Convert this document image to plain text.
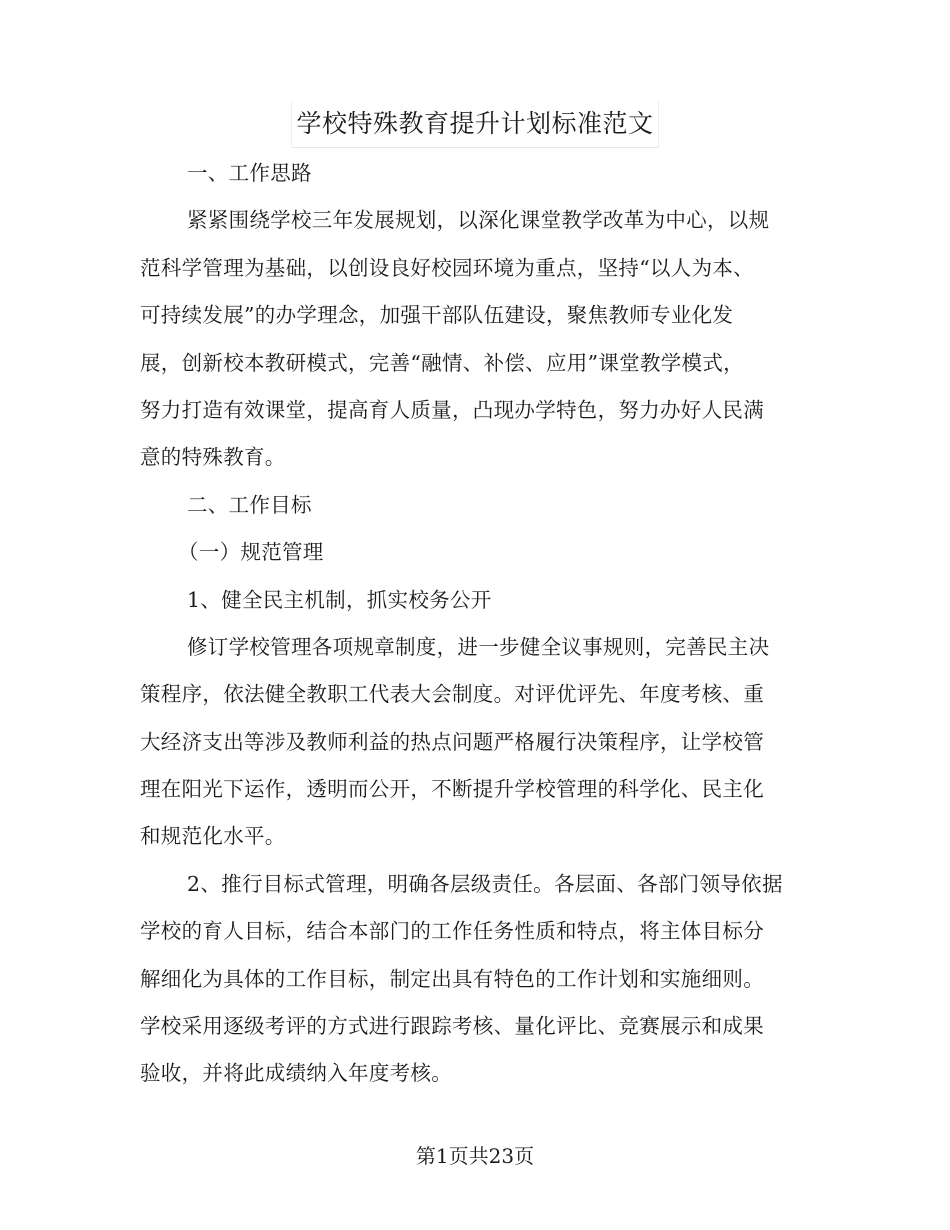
学校特殊教育提升计划标准范文
一、工作思路
紧紧围绕学校三年发展规划，以深化课堂教学改革为中心，以规
范科学管理为基础，以创设良好校园环境为重点，坚持“以人为本、
可持续发展”的办学理念，加强干部队伍建设，聚焦教师专业化发
展，创新校本教研模式，完善“融情、补偿、应用”课堂教学模式，
努力打造有效课堂，提高育人质量，凸现办学特色，努力办好人民满
意的特殊教育。
二、工作目标
（一）规范管理
1、健全民主机制，抓实校务公开
修订学校管理各项规章制度，进一步健全议事规则，完善民主决
策程序，依法健全教职工代表大会制度。对评优评先、年度考核、重
大经济支出等涉及教师利益的热点问题严格履行决策程序，让学校管
理在阳光下运作，透明而公开，不断提升学校管理的科学化、民主化
和规范化水平。
2、推行目标式管理，明确各层级责任。各层面、各部门领导依据
学校的育人目标，结合本部门的工作任务性质和特点，将主体目标分
解细化为具体的工作目标，制定出具有特色的工作计划和实施细则。
学校采用逐级考评的方式进行跟踪考核、量化评比、竞赛展示和成果
验收，并将此成绩纳入年度考核。
第1页共23页
